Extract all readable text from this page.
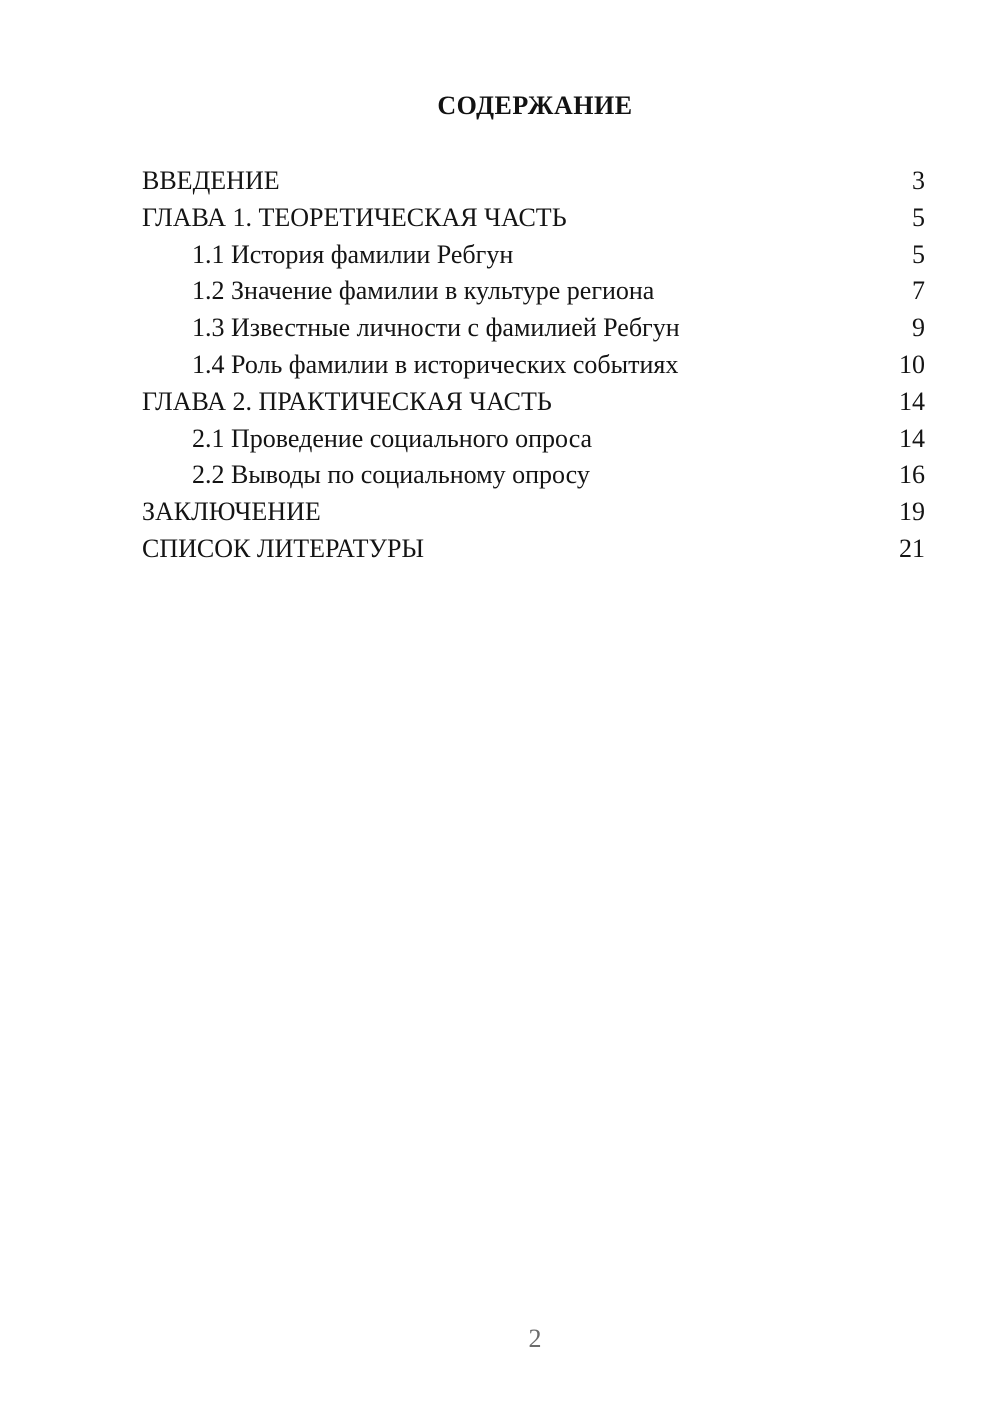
СОДЕРЖАНИЕ
ВВЕДЕНИЕ	3
ГЛАВА 1. ТЕОРЕТИЧЕСКАЯ ЧАСТЬ	5
1.1 История фамилии Ребгун	5
1.2 Значение фамилии в культуре региона	7
1.3 Известные личности с фамилией Ребгун	9
1.4 Роль фамилии в исторических событиях	10
ГЛАВА 2. ПРАКТИЧЕСКАЯ ЧАСТЬ	14
2.1 Проведение социального опроса	14
2.2 Выводы по социальному опросу	16
ЗАКЛЮЧЕНИЕ	19
СПИСОК ЛИТЕРАТУРЫ	21
2
